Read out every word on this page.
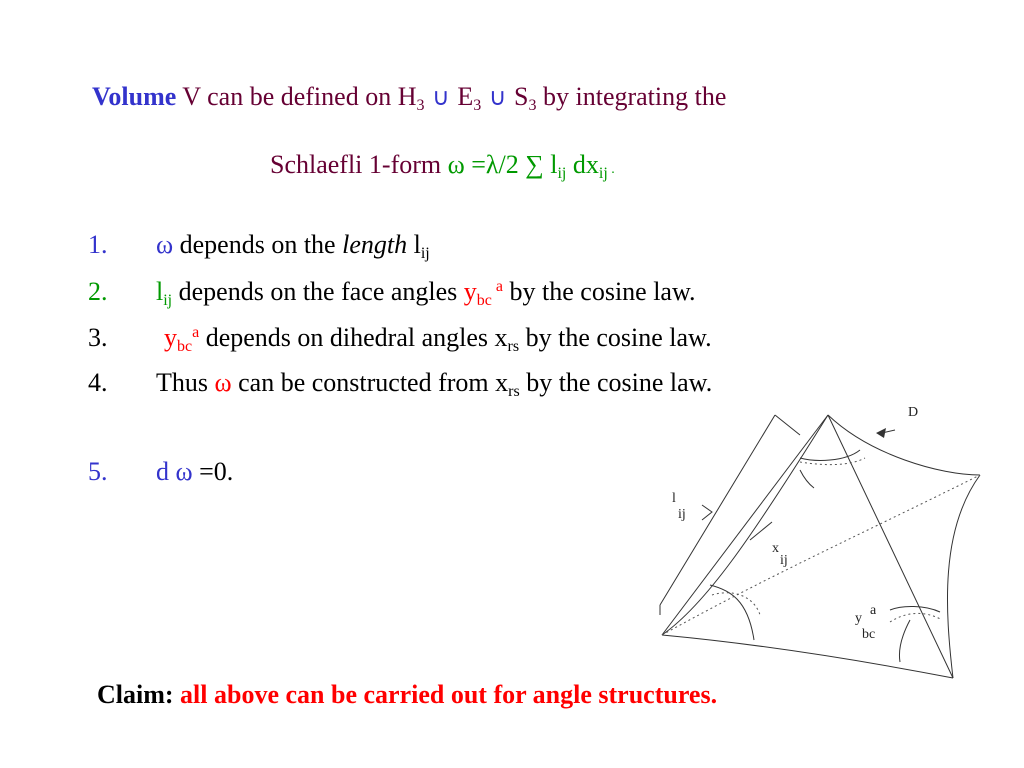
Volume V can be defined on $H_3$ ∪ $E_3$ ∪ $S_3$ by integrating the
Schlaefli 1-form ω =λ/2 ∑ $l_{ij}$ $dx_{ij}$ .
1. ω depends on the length $l_{ij}$
2. $l_{ij}$ depends on the face angles $y_{bc}$ $^a$ by the cosine law.
3. $y_{bc}^a$ depends on dihedral angles $x_{rs}$ by the cosine law.
4. Thus ω can be constructed from $x_{rs}$ by the cosine law.
5. d ω =0.
D
l
ij
x
ij
y
a
bc
Claim: all above can be carried out for angle structures.
